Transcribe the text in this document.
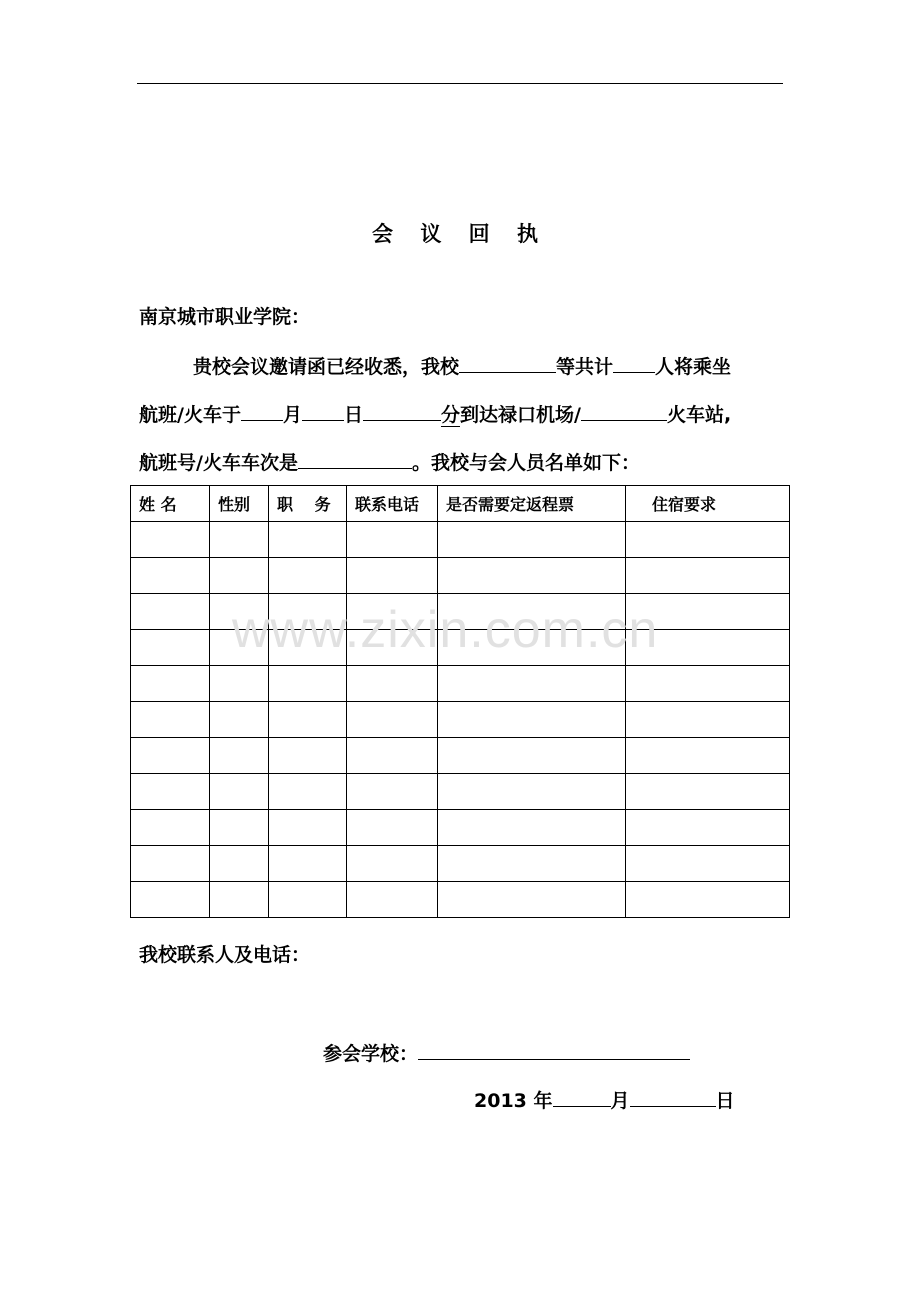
会 议 回 执
南京城市职业学院：
贵校会议邀请函已经收悉，我校	等共计 人将乘坐
航班/火车于 月 日	分到达禄口机场/	火车站,
航班号/火车车次是	。我校与会人员名单如下：
姓 名	性别	职　 务	联系电话	是否需要定返程票	住宿要求

我校联系人及电话：
参会学校：
2013 年	月	日
www.zixin.com.cn
